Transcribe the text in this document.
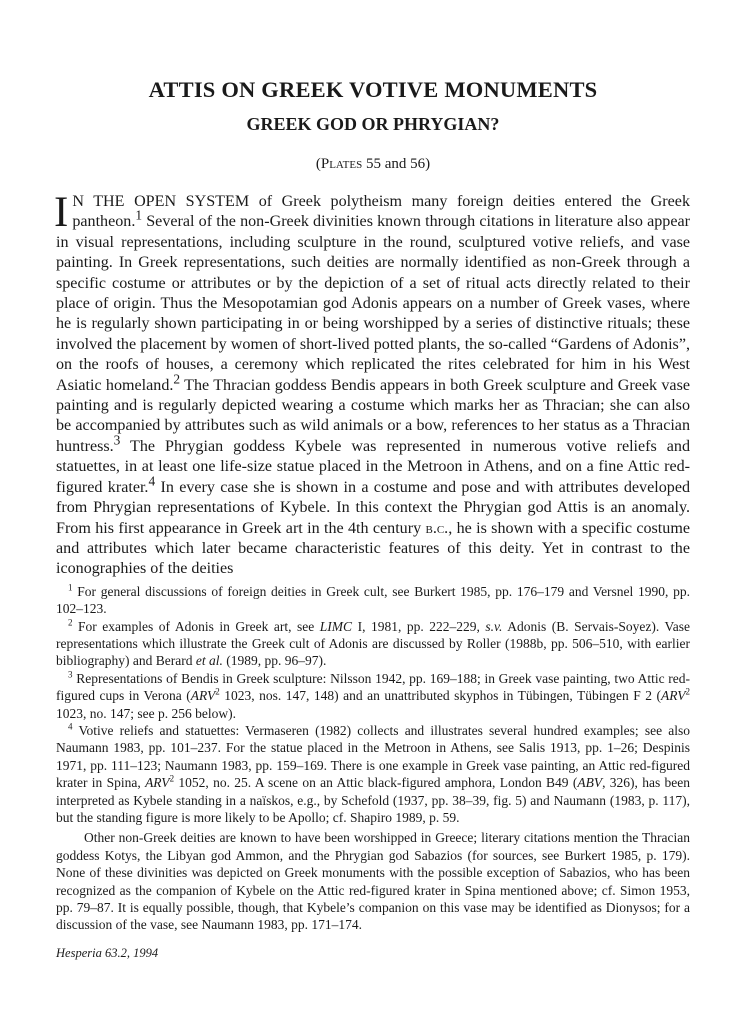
ATTIS ON GREEK VOTIVE MONUMENTS
GREEK GOD OR PHRYGIAN?

(Plates 55 and 56)

I N THE OPEN SYSTEM of Greek polytheism many foreign deities entered the Greek pantheon.$^1$ Several of the non-Greek divinities known through citations in literature also appear in visual representations, including sculpture in the round, sculptured votive reliefs, and vase painting. In Greek representations, such deities are normally identified as non-Greek through a specific costume or attributes or by the depiction of a set of ritual acts directly related to their place of origin. Thus the Mesopotamian god Adonis appears on a number of Greek vases, where he is regularly shown participating in or being worshipped by a series of distinctive rituals; these involved the placement by women of short-lived potted plants, the so-called “Gardens of Adonis”, on the roofs of houses, a ceremony which replicated the rites celebrated for him in his West Asiatic homeland.$^2$ The Thracian goddess Bendis appears in both Greek sculpture and Greek vase painting and is regularly depicted wearing a costume which marks her as Thracian; she can also be accompanied by attributes such as wild animals or a bow, references to her status as a Thracian huntress.$^3$ The Phrygian goddess Kybele was represented in numerous votive reliefs and statuettes, in at least one life-size statue placed in the Metroon in Athens, and on a fine Attic red-figured krater.$^4$ In every case she is shown in a costume and pose and with attributes developed from Phrygian representations of Kybele. In this context the Phrygian god Attis is an anomaly. From his first appearance in Greek art in the 4th century b.c., he is shown with a specific costume and attributes which later became characteristic features of this deity. Yet in contrast to the iconographies of the deities

$^1$ For general discussions of foreign deities in Greek cult, see Burkert 1985, pp. 176–179 and Versnel 1990, pp. 102–123.

$^2$ For examples of Adonis in Greek art, see LIMC I, 1981, pp. 222–229, s.v. Adonis (B. Servais-Soyez). Vase representations which illustrate the Greek cult of Adonis are discussed by Roller (1988b, pp. 506–510, with earlier bibliography) and Berard et al. (1989, pp. 96–97).

$^3$ Representations of Bendis in Greek sculpture: Nilsson 1942, pp. 169–188; in Greek vase painting, two Attic red-figured cups in Verona (ARV$^2$ 1023, nos. 147, 148) and an unattributed skyphos in Tübingen, Tübingen F 2 (ARV$^2$ 1023, no. 147; see p. 256 below).

$^4$ Votive reliefs and statuettes: Vermaseren (1982) collects and illustrates several hundred examples; see also Naumann 1983, pp. 101–237. For the statue placed in the Metroon in Athens, see Salis 1913, pp. 1–26; Despinis 1971, pp. 111–123; Naumann 1983, pp. 159–169. There is one example in Greek vase painting, an Attic red-figured krater in Spina, ARV$^2$ 1052, no. 25. A scene on an Attic black-figured amphora, London B49 (ABV, 326), has been interpreted as Kybele standing in a naïskos, e.g., by Schefold (1937, pp. 38–39, fig. 5) and Naumann (1983, p. 117), but the standing figure is more likely to be Apollo; cf. Shapiro 1989, p. 59.

Other non-Greek deities are known to have been worshipped in Greece; literary citations mention the Thracian goddess Kotys, the Libyan god Ammon, and the Phrygian god Sabazios (for sources, see Burkert 1985, p. 179). None of these divinities was depicted on Greek monuments with the possible exception of Sabazios, who has been recognized as the companion of Kybele on the Attic red-figured krater in Spina mentioned above; cf. Simon 1953, pp. 79–87. It is equally possible, though, that Kybele’s companion on this vase may be identified as Dionysos; for a discussion of the vase, see Naumann 1983, pp. 171–174.

Hesperia 63.2, 1994
